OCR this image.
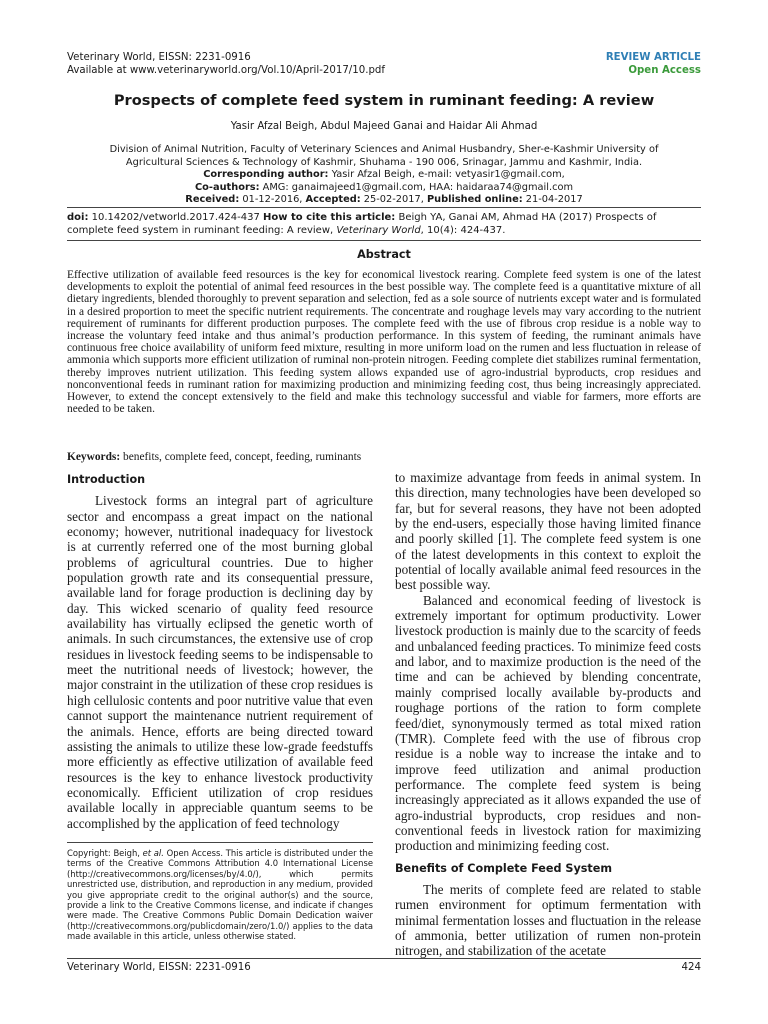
Veterinary World, EISSN: 2231-0916
Available at www.veterinaryworld.org/Vol.10/April-2017/10.pdf
REVIEW ARTICLE
Open Access
Prospects of complete feed system in ruminant feeding: A review
Yasir Afzal Beigh, Abdul Majeed Ganai and Haidar Ali Ahmad
Division of Animal Nutrition, Faculty of Veterinary Sciences and Animal Husbandry, Sher-e-Kashmir University of
Agricultural Sciences & Technology of Kashmir, Shuhama - 190 006, Srinagar, Jammu and Kashmir, India.
Corresponding author: Yasir Afzal Beigh, e-mail: vetyasir1@gmail.com,
Co-authors: AMG: ganaimajeed1@gmail.com, HAA: haidaraa74@gmail.com
Received: 01-12-2016, Accepted: 25-02-2017, Published online: 21-04-2017
doi: 10.14202/vetworld.2017.424-437 How to cite this article: Beigh YA, Ganai AM, Ahmad HA (2017) Prospects of complete feed system in ruminant feeding: A review, Veterinary World, 10(4): 424-437.
Abstract
Effective utilization of available feed resources is the key for economical livestock rearing. Complete feed system is one of the latest developments to exploit the potential of animal feed resources in the best possible way. The complete feed is a quantitative mixture of all dietary ingredients, blended thoroughly to prevent separation and selection, fed as a sole source of nutrients except water and is formulated in a desired proportion to meet the specific nutrient requirements. The concentrate and roughage levels may vary according to the nutrient requirement of ruminants for different production purposes. The complete feed with the use of fibrous crop residue is a noble way to increase the voluntary feed intake and thus animal’s production performance. In this system of feeding, the ruminant animals have continuous free choice availability of uniform feed mixture, resulting in more uniform load on the rumen and less fluctuation in release of ammonia which supports more efficient utilization of ruminal non-protein nitrogen. Feeding complete diet stabilizes ruminal fermentation, thereby improves nutrient utilization. This feeding system allows expanded use of agro-industrial byproducts, crop residues and nonconventional feeds in ruminant ration for maximizing production and minimizing feeding cost, thus being increasingly appreciated. However, to extend the concept extensively to the field and make this technology successful and viable for farmers, more efforts are needed to be taken.
Keywords: benefits, complete feed, concept, feeding, ruminants
Introduction

Livestock forms an integral part of agriculture sector and encompass a great impact on the national economy; however, nutritional inadequacy for livestock is at currently referred one of the most burning global problems of agricultural countries. Due to higher population growth rate and its consequential pressure, available land for forage production is declining day by day. This wicked scenario of quality feed resource availability has virtually eclipsed the genetic worth of animals. In such circumstances, the extensive use of crop residues in livestock feeding seems to be indispensable to meet the nutritional needs of livestock; however, the major constraint in the utilization of these crop residues is high cellulosic contents and poor nutritive value that even cannot support the maintenance nutrient requirement of the animals. Hence, efforts are being directed toward assisting the animals to utilize these low-grade feedstuffs more efficiently as effective utilization of available feed resources is the key to enhance livestock productivity economically. Efficient utilization of crop residues available locally in appreciable quantum seems to be accomplished by the application of feed technology

Copyright: Beigh, et al. Open Access. This article is distributed under the terms of the Creative Commons Attribution 4.0 International License (http://creativecommons.org/licenses/by/4.0/), which permits unrestricted use, distribution, and reproduction in any medium, provided you give appropriate credit to the original author(s) and the source, provide a link to the Creative Commons license, and indicate if changes were made. The Creative Commons Public Domain Dedication waiver (http://creativecommons.org/publicdomain/zero/1.0/) applies to the data made available in this article, unless otherwise stated.

to maximize advantage from feeds in animal system. In this direction, many technologies have been developed so far, but for several reasons, they have not been adopted by the end-users, especially those having limited finance and poorly skilled [1]. The complete feed system is one of the latest developments in this context to exploit the potential of locally available animal feed resources in the best possible way.

Balanced and economical feeding of livestock is extremely important for optimum productivity. Lower livestock production is mainly due to the scarcity of feeds and unbalanced feeding practices. To minimize feed costs and labor, and to maximize production is the need of the time and can be achieved by blending concentrate, mainly comprised locally available by-products and roughage portions of the ration to form complete feed/diet, synonymously termed as total mixed ration (TMR). Complete feed with the use of fibrous crop residue is a noble way to increase the intake and to improve feed utilization and animal production performance. The complete feed system is being increasingly appreciated as it allows expanded the use of agro-industrial byproducts, crop residues and non-conventional feeds in livestock ration for maximizing production and minimizing feeding cost.

Benefits of Complete Feed System

The merits of complete feed are related to stable rumen environment for optimum fermentation with minimal fermentation losses and fluctuation in the release of ammonia, better utilization of rumen non-protein nitrogen, and stabilization of the acetate

Veterinary World, EISSN: 2231-0916	424
